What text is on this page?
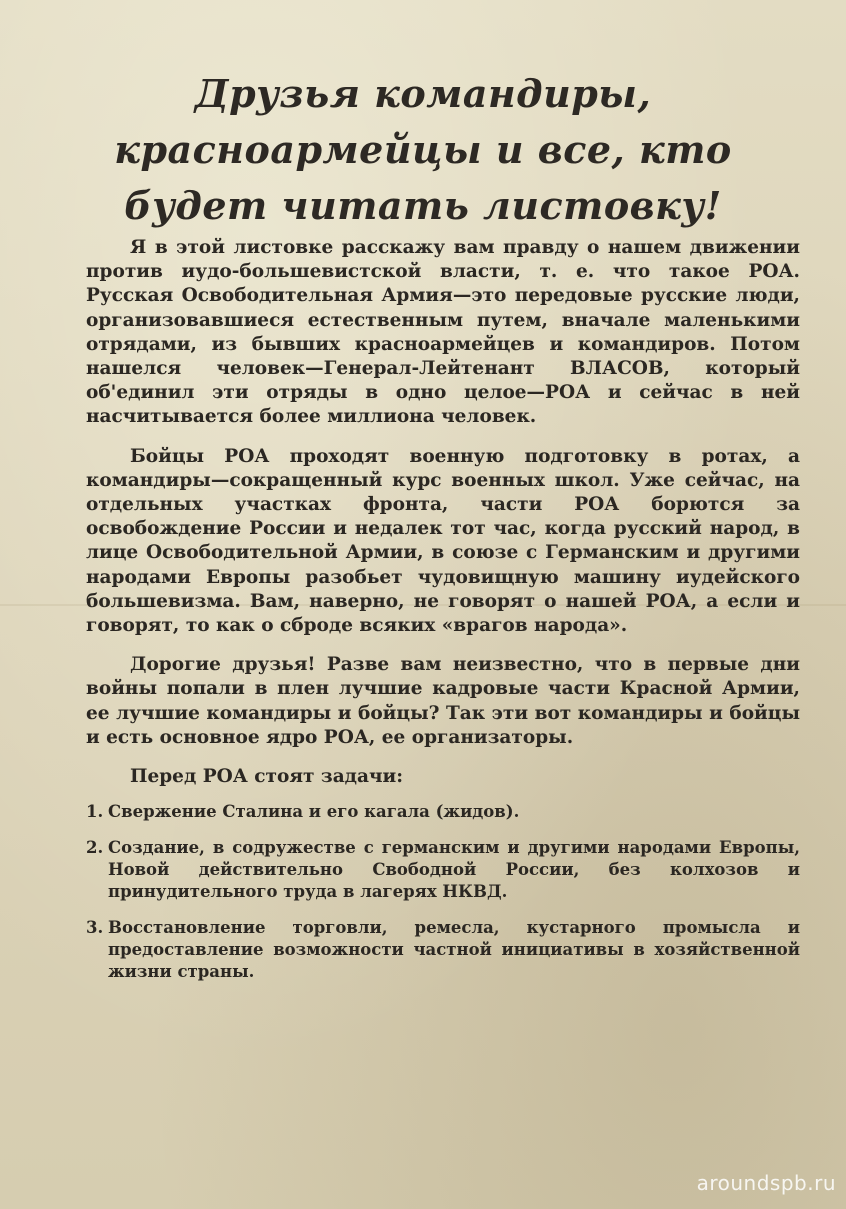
Друзья командиры, красноармейцы и все, кто будет читать листовку!

Я в этой листовке расскажу вам правду о нашем движении против иудо-большевистской власти, т. е. что такое РОА. Русская Освободительная Армия—это передовые русские люди, организовавшиеся естественным путем, вначале маленькими отрядами, из бывших красноармейцев и командиров. Потом нашелся человек—Генерал-Лейтенант ВЛАСОВ, который об'единил эти отряды в одно целое—РОА и сейчас в ней насчитывается более миллиона человек.

Бойцы РОА проходят военную подготовку в ротах, а командиры—сокращенный курс военных школ. Уже сейчас, на отдельных участках фронта, части РОА борются за освобождение России и недалек тот час, когда русский народ, в лице Освободительной Армии, в союзе с Германским и другими народами Европы разобьет чудовищную машину иудейского большевизма. Вам, наверно, не говорят о нашей РОА, а если и говорят, то как о сброде всяких «врагов народа».

Дорогие друзья! Разве вам неизвестно, что в первые дни войны попали в плен лучшие кадровые части Красной Армии, ее лучшие командиры и бойцы? Так эти вот командиры и бойцы и есть основное ядро РОА, ее организаторы.

Перед РОА стоят задачи:
1. Свержение Сталина и его кагала (жидов).
2. Создание, в содружестве с германским и другими народами Европы, Новой действительно Свободной России, без колхозов и принудительного труда в лагерях НКВД.
3. Восстановление торговли, ремесла, кустарного промысла и предоставление возможности частной инициативы в хозяйственной жизни страны.
aroundspb.ru
